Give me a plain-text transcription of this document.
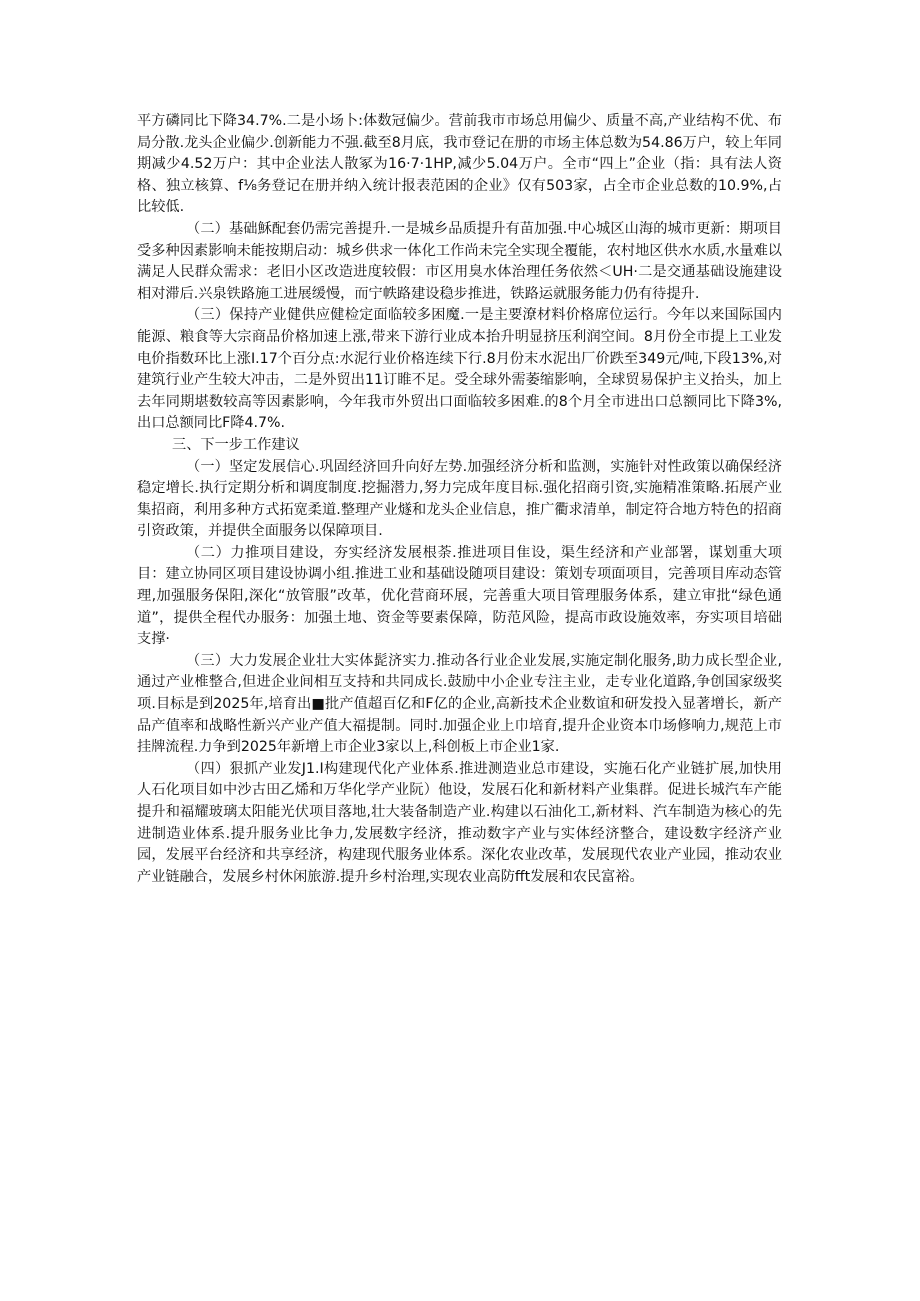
平方磷同比下降34.7%.二是小场卜:体数冠偏少。营前我市市场总用偏少、质量不高,产业结构不优、布局分散.龙头企业偏少.创新能力不强.截至8月底，我市登记在册的市场主体总数为54.86万户，较上年同期减少4.52万户：其中企业法人散冢为16·7·1HP,减少5.04万户。全市“四上”企业（指：具有法人资格、独立核算、f⅛务登记在册并纳入统计报表范困的企业》仅有503家，占全市企业总数的10.9%,占比较低.

（二）基础穌配套仍需完善提升.一是城乡品质提升有苗加强.中心城区山海的城市更新：期项目受多种因素影响未能按期启动：城乡供求一体化工作尚未完全实现全覆能，农村地区供水水质,水量难以满足人民群众需求：老旧小区改造进度较假：市区用臭水体治理任务依然＜UH·二是交通基础设施建设相对滞后.兴泉铁路施工进展缓慢，而宁帙路建设稳步推进，铁路运就服务能力仍有待提升.

（三）保持产业健供应健检定面临较多困魔.一是主要潦材料价格席位运行。今年以来国际国内能源、粮食等大宗商品价格加速上涨,带来下游行业成本抬升明显挤压利润空间。8月份全市提上工业发电价指数环比上涨I.17个百分点:水泥行业价格连续下行.8月份末水泥出厂价跌至349元/吨,下段13%,对建筑行业产生较大冲击，二是外贸出11订睢不足。受全球外需萎缩影响，全球贸易保护主义抬头，加上去年同期堪数较高等因素影响，今年我市外贸出口面临较多困难.的8个月全市进出口总额同比下降3%,出口总额同比F降4.7%.

三、下一步工作建议

（一）坚定发展信心.巩固经济回升向好左势.加强经济分析和监测，实施针对性政策以确保经济稳定增长.执行定期分析和调度制度.挖掘潜力,努力完成年度目标.强化招商引资,实施精准策略.拓展产业集招商，利用多种方式拓宽柔道.整理产业燧和龙头企业信息，推广衢求清单，制定符合地方特色的招商引资政策，并提供全面服务以保障项目.

（二）力推项目建设，夯实经济发展根荼.推进项目隹设，渠生经济和产业部署，谋划重大项目：建立协同区项目建设协调小组.推进工业和基础设随项目建设：策划专项面项目，完善项目库动态管理,加强服务保阳,深化“放管服”改革，优化营商环展，完善重大项目管理服务体系，建立审批“绿色通道”，提供全程代办服务：加强土地、资金等要素保障，防范风险，提高市政设施效率，夯实项目培础支撑·

（三）大力发展企业壮大实体髭济实力.推动各行业企业发展,实施定制化服务,助力成长型企业,通过产业椎整合,但进企业间相互支持和共同成长.鼓励中小企业专注主业，走专业化道路,争创国家级奖项.目标是到2025年,培育出■批产值超百亿和F亿的企业,高新技术企业数谊和研发投入显著增长，新产品产值率和战略性新兴产业产值大福提制。同时.加强企业上巾培育,提升企业资本巾场修响力,规范上市挂牌流程.力争到2025年新增上市企业3家以上,科创板上市企业1家.

（四）狠抓产业发J1.I构建现代化产业体系.推进测造业总市建设，实施石化产业链扩展,加快用人石化项目如中沙古田乙烯和万华化学产业阮）他设，发展石化和新材料产业集群。促进长城汽车产能提升和福耀玻璃太阳能光伏项目落地,壮大装备制造产业.构建以石油化工,新材料、汽车制造为核心的先进制造业体系.提升服务业比争力,发展数字经济，推动数字产业与实体经济整合，建设数字经济产业园，发展平台经济和共享经济，构建现代服务业体系。深化农业改革，发展现代农业产业园，推动农业产业链融合，发展乡村休闲旅游.提升乡村治理,实现农业高防fft发展和农民富裕。
